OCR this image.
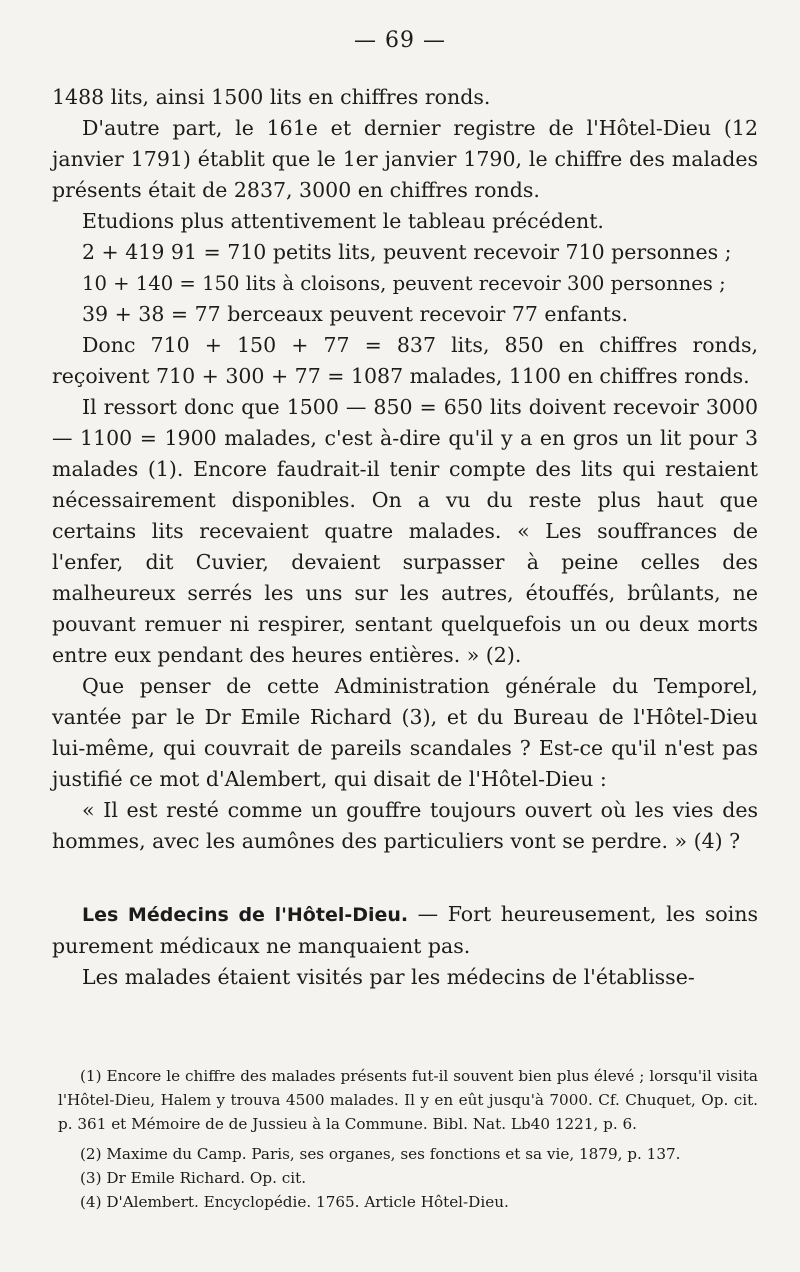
— 69 —

1488 lits, ainsi 1500 lits en chiffres ronds.

D'autre part, le 161e et dernier registre de l'Hôtel-Dieu (12 janvier 1791) établit que le 1er janvier 1790, le chiffre des malades présents était de 2837, 3000 en chiffres ronds.

Etudions plus attentivement le tableau précédent.

2 + 419 91 = 710 petits lits, peuvent recevoir 710 personnes ;

10 + 140 = 150 lits à cloisons, peuvent recevoir 300 personnes ;

39 + 38 = 77 berceaux peuvent recevoir 77 enfants.

Donc 710 + 150 + 77 = 837 lits, 850 en chiffres ronds, reçoivent 710 + 300 + 77 = 1087 malades, 1100 en chiffres ronds.

Il ressort donc que 1500 — 850 = 650 lits doivent recevoir 3000 — 1100 = 1900 malades, c'est à-dire qu'il y a en gros un lit pour 3 malades (1). Encore faudrait-il tenir compte des lits qui restaient nécessairement disponibles. On a vu du reste plus haut que certains lits recevaient quatre malades. « Les souffrances de l'enfer, dit Cuvier, devaient surpasser à peine celles des malheureux serrés les uns sur les autres, étouffés, brûlants, ne pouvant remuer ni respirer, sentant quelquefois un ou deux morts entre eux pendant des heures entières. » (2).

Que penser de cette Administration générale du Temporel, vantée par le Dr Emile Richard (3), et du Bureau de l'Hôtel-Dieu lui-même, qui couvrait de pareils scandales ? Est-ce qu'il n'est pas justifié ce mot d'Alembert, qui disait de l'Hôtel-Dieu :

« Il est resté comme un gouffre toujours ouvert où les vies des hommes, avec les aumônes des particuliers vont se perdre. » (4) ?

Les Médecins de l'Hôtel-Dieu. — Fort heureusement, les soins purement médicaux ne manquaient pas.

Les malades étaient visités par les médecins de l'établisse-

(1) Encore le chiffre des malades présents fut-il souvent bien plus élevé ; lorsqu'il visita l'Hôtel-Dieu, Halem y trouva 4500 malades. Il y en eût jusqu'à 7000. Cf. Chuquet, Op. cit. p. 361 et Mémoire de de Jussieu à la Commune. Bibl. Nat. Lb40 1221, p. 6.

(2) Maxime du Camp. Paris, ses organes, ses fonctions et sa vie, 1879, p. 137.

(3) Dr Emile Richard. Op. cit.

(4) D'Alembert. Encyclopédie. 1765. Article Hôtel-Dieu.
